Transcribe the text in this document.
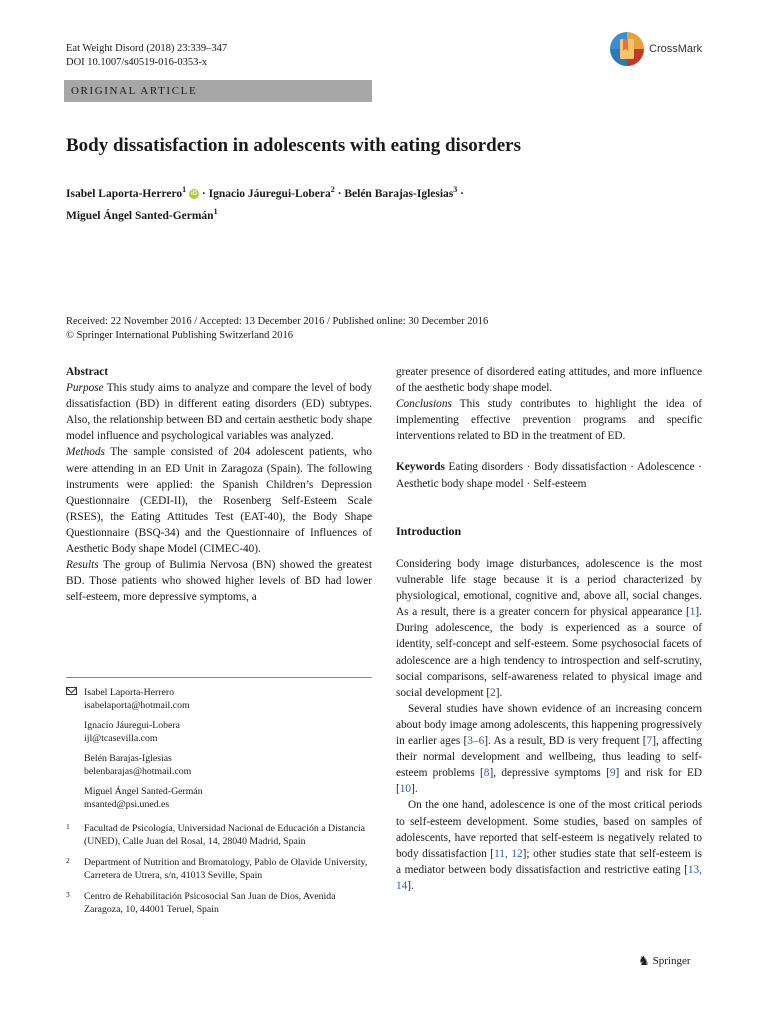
Eat Weight Disord (2018) 23:339–347
DOI 10.1007/s40519-016-0353-x
CrossMark
ORIGINAL ARTICLE
Body dissatisfaction in adolescents with eating disorders
Isabel Laporta-Herrero$^1$ iD · Ignacio Jáuregui-Lobera$^2$ · Belén Barajas-Iglesias$^3$ ·
Miguel Ángel Santed-Germán$^1$
Received: 22 November 2016 / Accepted: 13 December 2016 / Published online: 30 December 2016
© Springer International Publishing Switzerland 2016
Abstract
Purpose This study aims to analyze and compare the level of body dissatisfaction (BD) in different eating disorders (ED) subtypes. Also, the relationship between BD and certain aesthetic body shape model influence and psychological variables was analyzed.
Methods The sample consisted of 204 adolescent patients, who were attending in an ED Unit in Zaragoza (Spain). The following instruments were applied: the Spanish Children’s Depression Questionnaire (CEDI-II), the Rosenberg Self-Esteem Scale (RSES), the Eating Attitudes Test (EAT-40), the Body Shape Questionnaire (BSQ-34) and the Questionnaire of Influences of Aesthetic Body shape Model (CIMEC-40).
Results The group of Bulimia Nervosa (BN) showed the greatest BD. Those patients who showed higher levels of BD had lower self-esteem, more depressive symptoms, a
greater presence of disordered eating attitudes, and more influence of the aesthetic body shape model.
Conclusions This study contributes to highlight the idea of implementing effective prevention programs and specific interventions related to BD in the treatment of ED.
Keywords Eating disorders · Body dissatisfaction · Adolescence · Aesthetic body shape model · Self-esteem
Introduction

Considering body image disturbances, adolescence is the most vulnerable life stage because it is a period characterized by physiological, emotional, cognitive and, above all, social changes. As a result, there is a greater concern for physical appearance [1]. During adolescence, the body is experienced as a source of identity, self-concept and self-esteem. Some psychosocial facets of adolescence are a high tendency to introspection and self-scrutiny, social comparisons, self-awareness related to physical image and social development [2].

Several studies have shown evidence of an increasing concern about body image among adolescents, this happening progressively in earlier ages [3–6]. As a result, BD is very frequent [7], affecting their normal development and wellbeing, thus leading to self-esteem problems [8], depressive symptoms [9] and risk for ED [10].

On the one hand, adolescence is one of the most critical periods to self-esteem development. Some studies, based on samples of adolescents, have reported that self-esteem is negatively related to body dissatisfaction [11, 12]; other studies state that self-esteem is a mediator between body dissatisfaction and restrictive eating [13, 14].

Isabel Laporta-Herrero
isabelaporta@hotmail.com
Ignacio Jáuregui-Lobera
ijl@tcasevilla.com
Belén Barajas-Iglesias
belenbarajas@hotmail.com
Miguel Ángel Santed-Germán
msanted@psi.uned.es
1 Facultad de Psicología, Universidad Nacional de Educación a Distancia (UNED), Calle Juan del Rosal, 14, 28040 Madrid, Spain
2 Department of Nutrition and Bromatology, Pablo de Olavide University, Carretera de Utrera, s/n, 41013 Seville, Spain
3 Centro de Rehabilitación Psicosocial San Juan de Dios, Avenida Zaragoza, 10, 44001 Teruel, Spain
♞ Springer
